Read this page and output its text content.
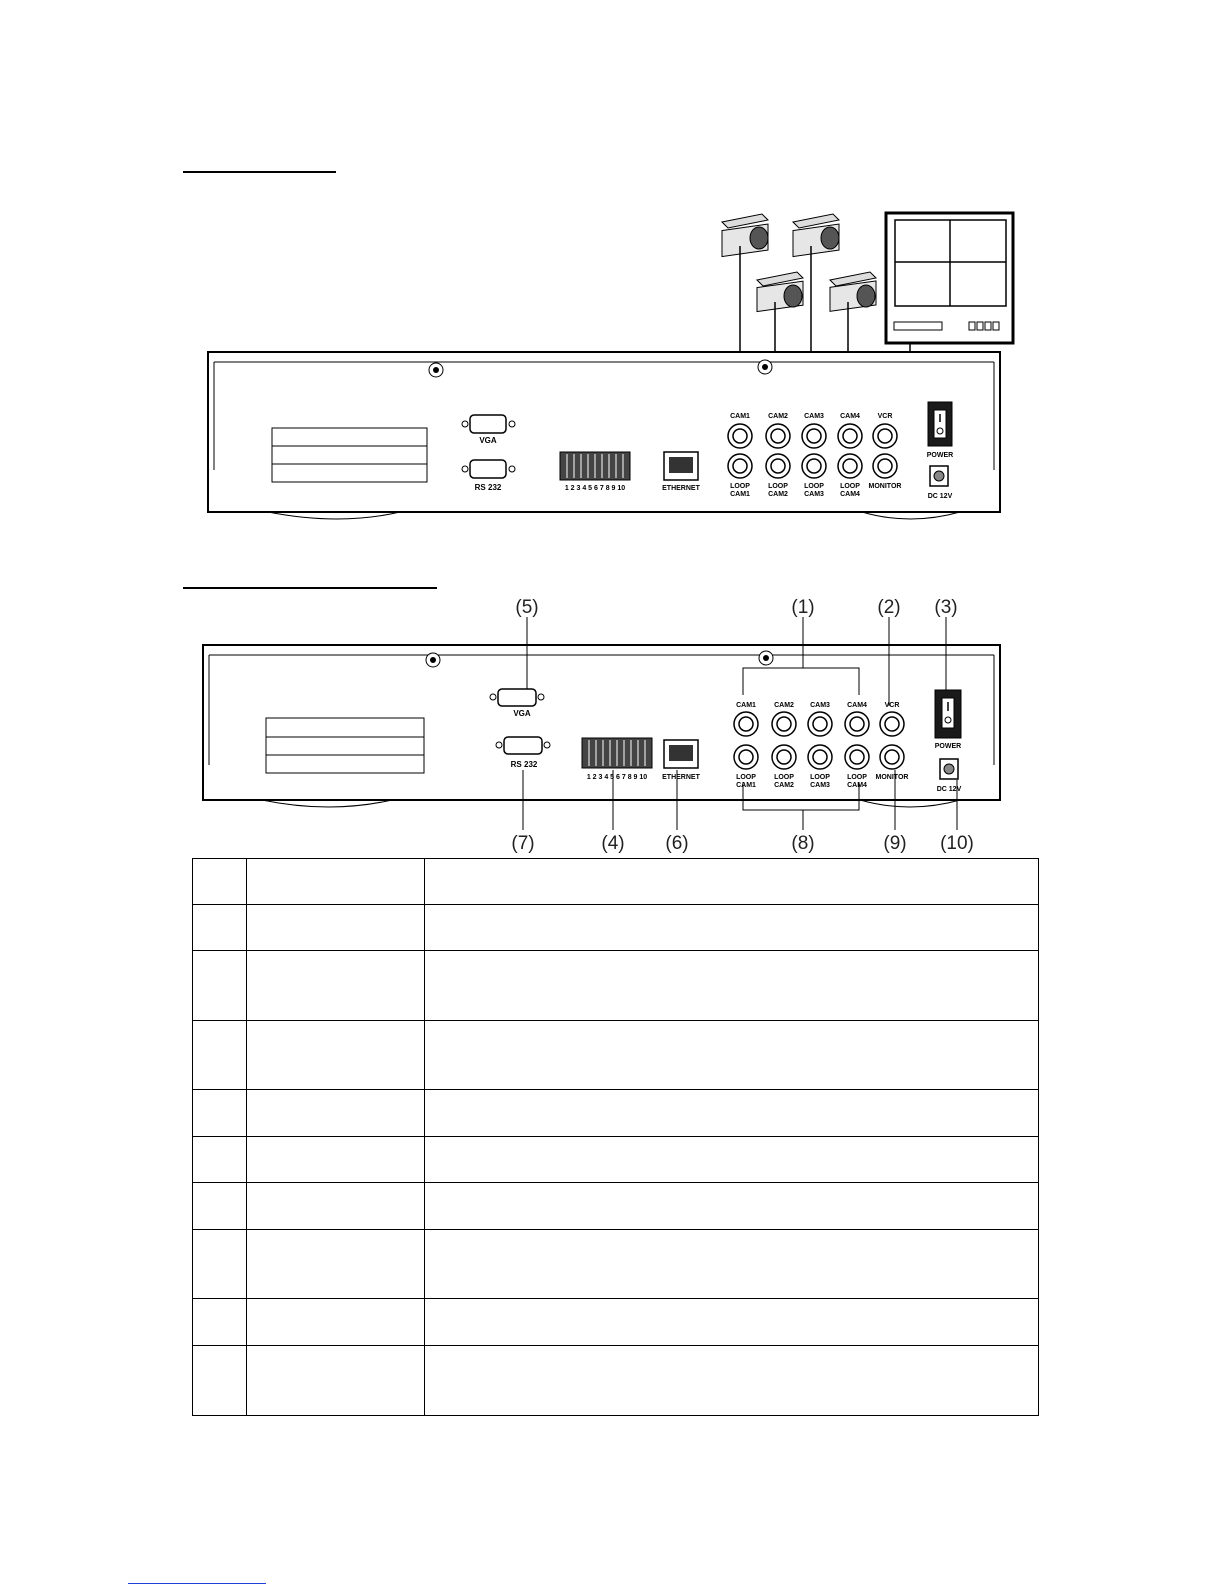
VGA
RS 232	1 2 3 4 5 6 7 8 9 10	ETHERNET
CAM1	CAM2 CAM3 CAM4	VCR
LOOP
CAM1
LOOP
CAM2
LOOP
CAM3
LOOP
CAM4
MONITOR
POWER
DC 12V
(5)	(1)	(2) (3)
(7)	(4) (6)	(8)	(9) (10)
VGA
RS 232
1 2 3 4 5 6 7 8 9 10 ETHERNET
CAM1	CAM2 CAM3 CAM4	VCR
LOOP
CAM1
LOOP
CAM2
LOOP
CAM3
LOOP
CAM4
MONITOR
POWER
DC 12V
